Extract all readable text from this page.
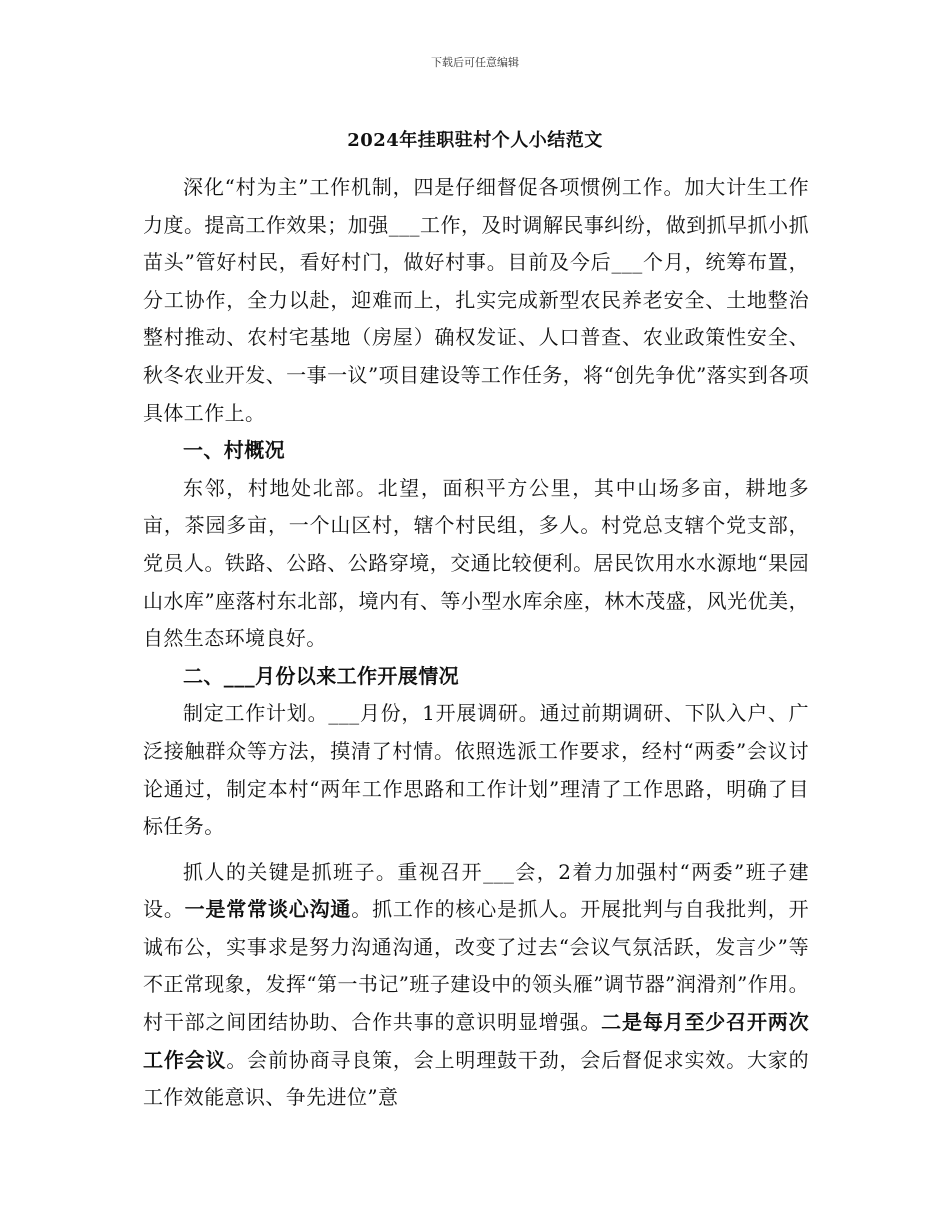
下载后可任意编辑
2024年挂职驻村个人小结范文

深化“村为主”工作机制，四是仔细督促各项惯例工作。加大计生工作力度。提高工作效果；加强___工作，及时调解民事纠纷，做到抓早抓小抓苗头”管好村民，看好村门，做好村事。目前及今后___个月，统筹布置，分工协作，全力以赴，迎难而上，扎实完成新型农民养老安全、土地整治整村推动、农村宅基地（房屋）确权发证、人口普查、农业政策性安全、秋冬农业开发、一事一议”项目建设等工作任务，将“创先争优”落实到各项具体工作上。

一、村概况

东邻，村地处北部。北望，面积平方公里，其中山场多亩，耕地多亩，茶园多亩，一个山区村，辖个村民组，多人。村党总支辖个党支部，党员人。铁路、公路、公路穿境，交通比较便利。居民饮用水水源地“果园山水库”座落村东北部，境内有、等小型水库余座，林木茂盛，风光优美，自然生态环境良好。

二、___月份以来工作开展情况

制定工作计划。___月份，1开展调研。通过前期调研、下队入户、广泛接触群众等方法，摸清了村情。依照选派工作要求，经村“两委”会议讨论通过，制定本村“两年工作思路和工作计划”理清了工作思路，明确了目标任务。

抓人的关键是抓班子。重视召开___会，2着力加强村“两委”班子建设。一是常常谈心沟通。抓工作的核心是抓人。开展批判与自我批判，开诚布公，实事求是努力沟通沟通，改变了过去“会议气氛活跃，发言少”等不正常现象，发挥“第一书记”班子建设中的领头雁”调节器”润滑剂”作用。村干部之间团结协助、合作共事的意识明显增强。二是每月至少召开两次工作会议。会前协商寻良策，会上明理鼓干劲，会后督促求实效。大家的工作效能意识、争先进位”意
